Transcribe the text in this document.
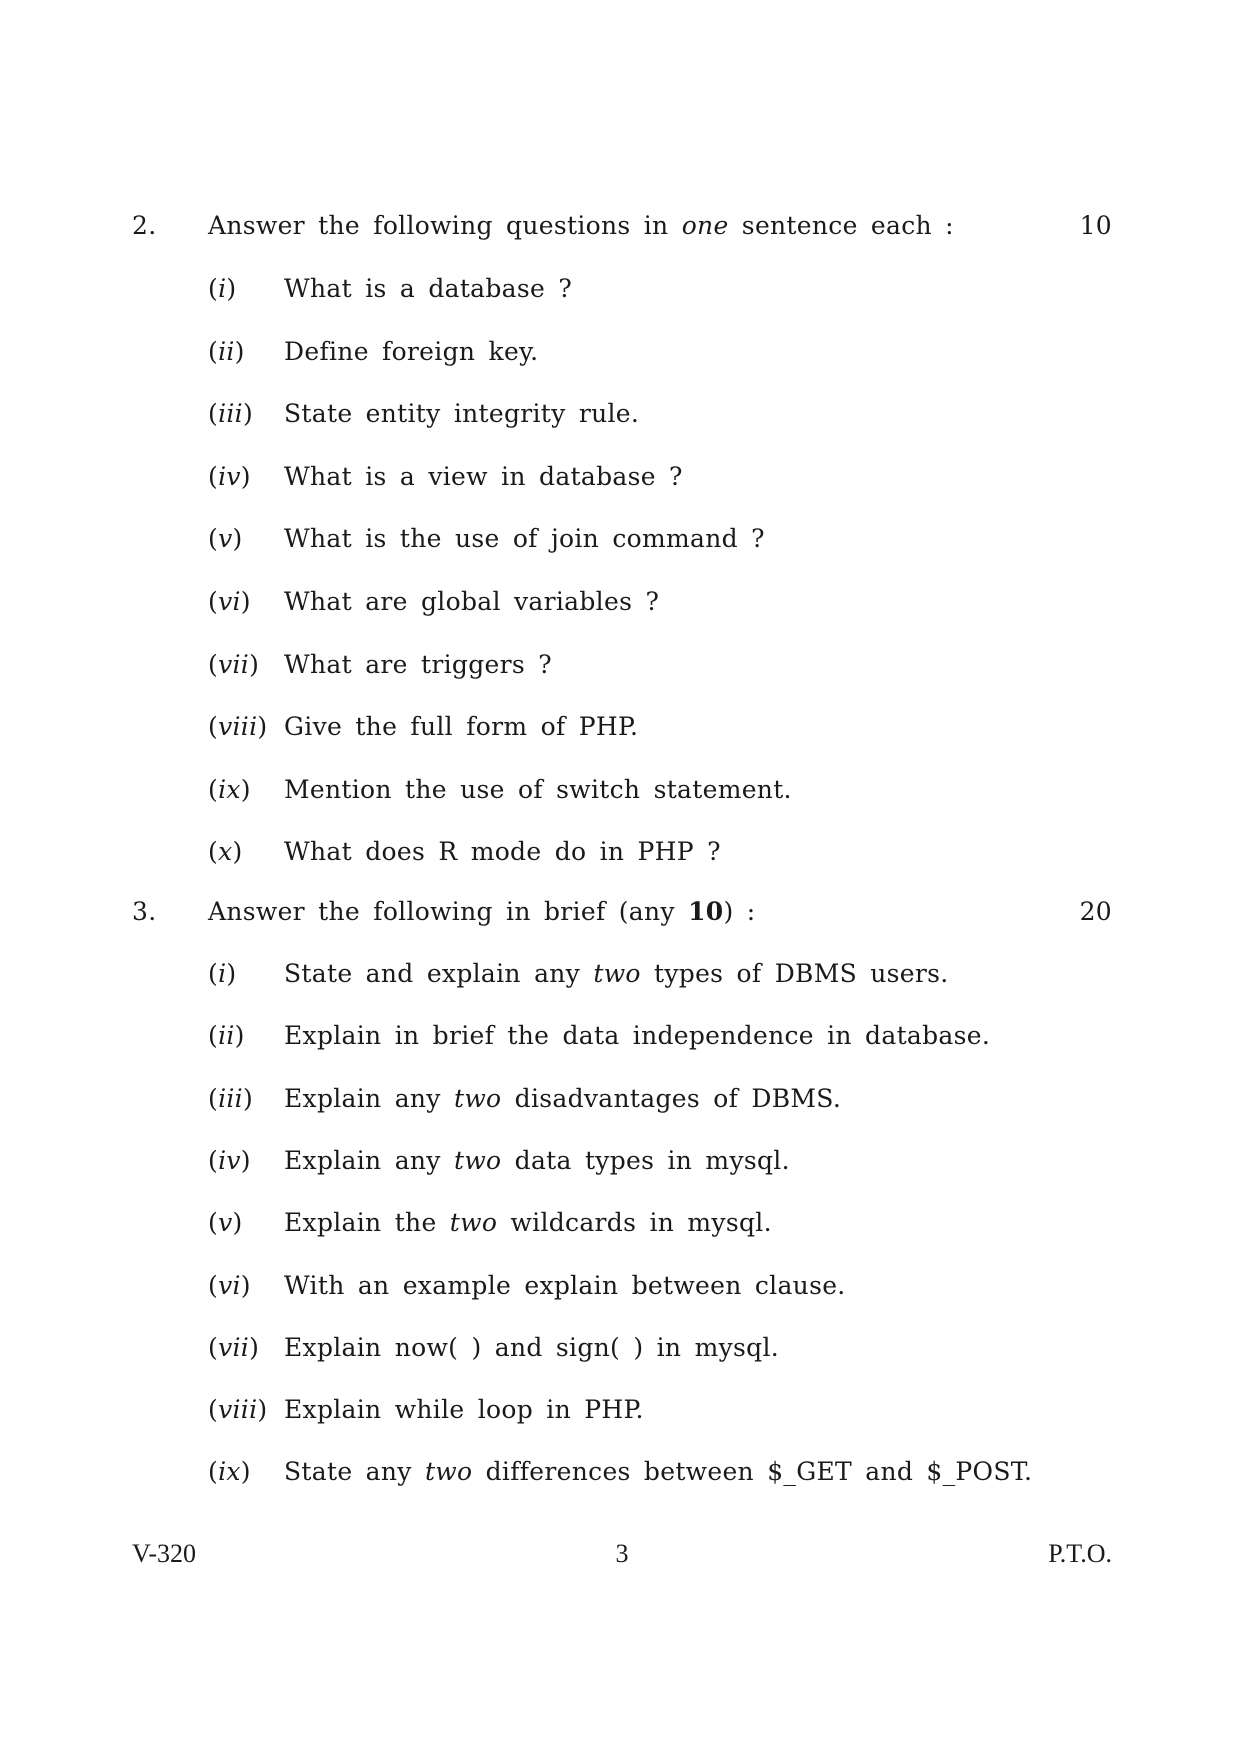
2. Answer the following questions in one sentence each :	10
(i) What is a database ?
(ii) Define foreign key.
(iii) State entity integrity rule.
(iv) What is a view in database ?
(v) What is the use of join command ?
(vi) What are global variables ?
(vii) What are triggers ?
(viii) Give the full form of PHP.
(ix) Mention the use of switch statement.
(x) What does R mode do in PHP ?
3. Answer the following in brief (any 10) :	20
(i) State and explain any two types of DBMS users.
(ii) Explain in brief the data independence in database.
(iii) Explain any two disadvantages of DBMS.
(iv) Explain any two data types in mysql.
(v) Explain the two wildcards in mysql.
(vi) With an example explain between clause.
(vii) Explain now( ) and sign( ) in mysql.
(viii) Explain while loop in PHP.
(ix) State any two differences between $_GET and $_POST.
V-320	3	P.T.O.
